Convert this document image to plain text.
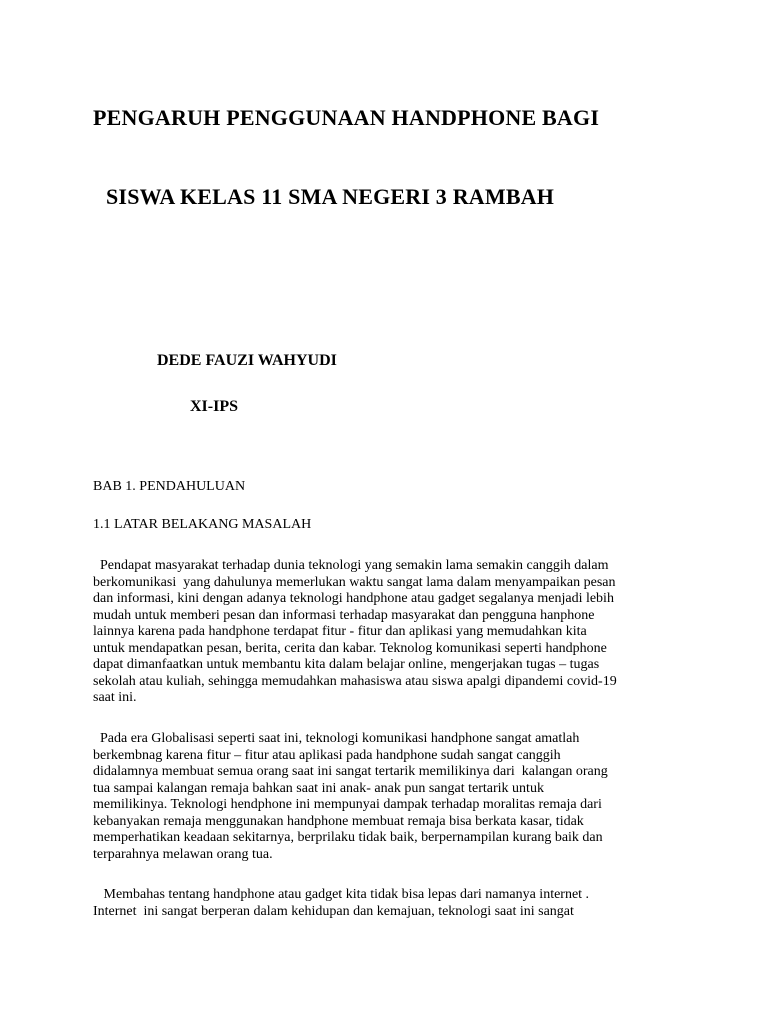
PENGARUH PENGGUNAAN HANDPHONE BAGI
SISWA KELAS 11 SMA NEGERI 3 RAMBAH

DEDE FAUZI WAHYUDI

XI-IPS

BAB 1. PENDAHULUAN

1.1 LATAR BELAKANG MASALAH

Pendapat masyarakat terhadap dunia teknologi yang semakin lama semakin canggih dalam
berkomunikasi  yang dahulunya memerlukan waktu sangat lama dalam menyampaikan pesan
dan informasi, kini dengan adanya teknologi handphone atau gadget segalanya menjadi lebih
mudah untuk memberi pesan dan informasi terhadap masyarakat dan pengguna hanphone
lainnya karena pada handphone terdapat fitur - fitur dan aplikasi yang memudahkan kita
untuk mendapatkan pesan, berita, cerita dan kabar. Teknolog komunikasi seperti handphone
dapat dimanfaatkan untuk membantu kita dalam belajar online, mengerjakan tugas – tugas
sekolah atau kuliah, sehingga memudahkan mahasiswa atau siswa apalgi dipandemi covid-19
saat ini.

Pada era Globalisasi seperti saat ini, teknologi komunikasi handphone sangat amatlah
berkembnag karena fitur – fitur atau aplikasi pada handphone sudah sangat canggih
didalamnya membuat semua orang saat ini sangat tertarik memilikinya dari  kalangan orang
tua sampai kalangan remaja bahkan saat ini anak- anak pun sangat tertarik untuk
memilikinya. Teknologi hendphone ini mempunyai dampak terhadap moralitas remaja dari
kebanyakan remaja menggunakan handphone membuat remaja bisa berkata kasar, tidak
memperhatikan keadaan sekitarnya, berprilaku tidak baik, berpernampilan kurang baik dan
terparahnya melawan orang tua.

Membahas tentang handphone atau gadget kita tidak bisa lepas dari namanya internet .
Internet  ini sangat berperan dalam kehidupan dan kemajuan, teknologi saat ini sangat
